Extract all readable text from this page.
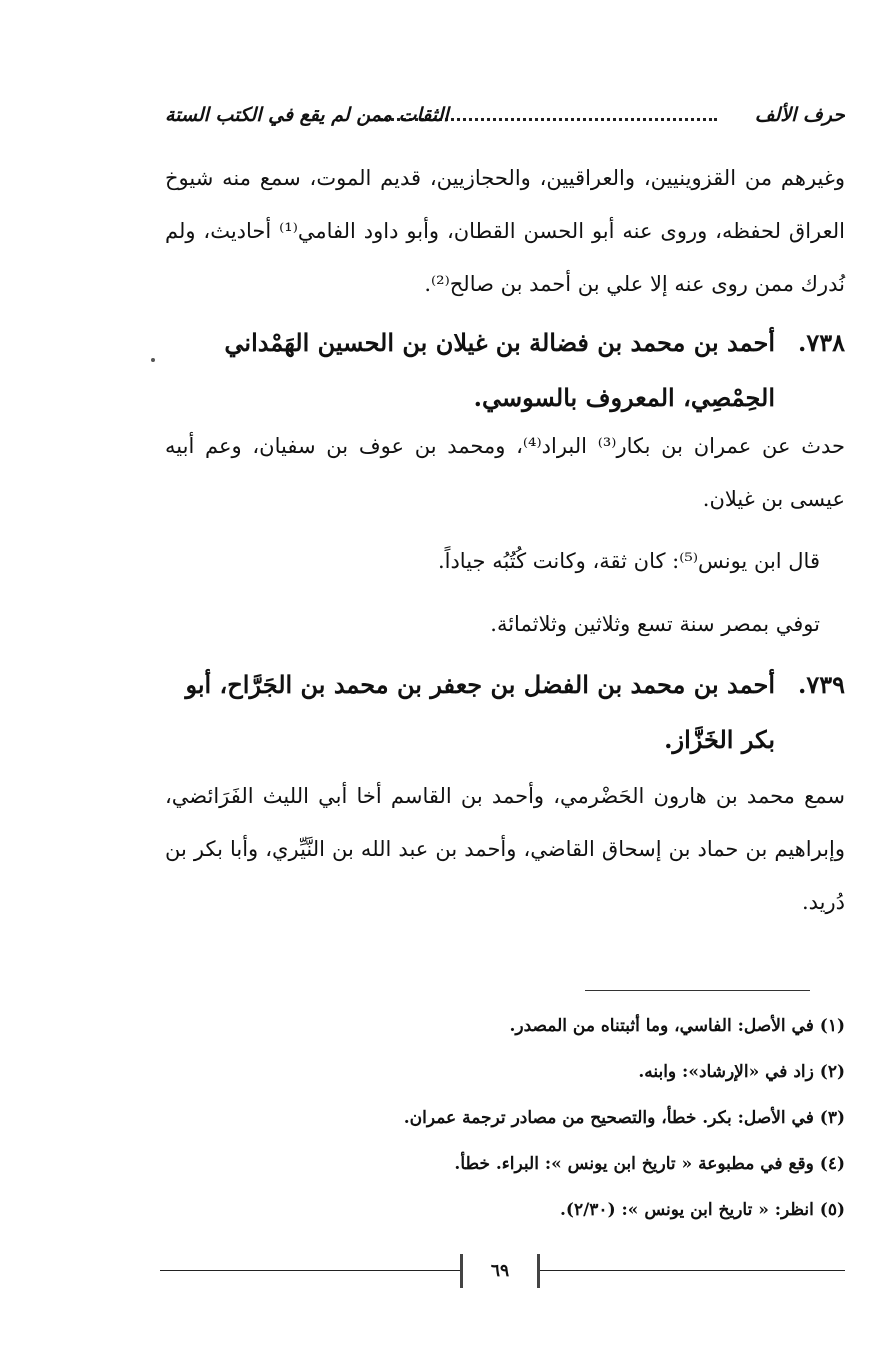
حرف الألف
الثقات ممن لم يقع في الكتب الستة
وغيرهم من القزوينيين، والعراقيين، والحجازيين، قديم الموت، سمع منه شيوخ العراق لحفظه، وروى عنه أبو الحسن القطان، وأبو داود الفامي⁽¹⁾ أحاديث، ولم نُدرك ممن روى عنه إلا علي بن أحمد بن صالح⁽²⁾.
٧٣٨.أحمد بن محمد بن فضالة بن غيلان بن الحسين الهَمْداني
الحِمْصِي، المعروف بالسوسي.
حدث عن عمران بن بكار⁽³⁾ البراد⁽⁴⁾، ومحمد بن عوف بن سفيان، وعم أبيه عيسى بن غيلان.
قال ابن يونس⁽⁵⁾: كان ثقة، وكانت كُتُبُه جياداً.
توفي بمصر سنة تسع وثلاثين وثلاثمائة.
٧٣٩.أحمد بن محمد بن الفضل بن جعفر بن محمد بن الجَرَّاح، أبو
بكر الخَزَّاز.
سمع محمد بن هارون الحَضْرمي، وأحمد بن القاسم أخا أبي الليث الفَرَائضي، وإبراهيم بن حماد بن إسحاق القاضي، وأحمد بن عبد الله بن النَّيِّري، وأبا بكر بن دُريد.
(١) في الأصل: الفاسي، وما أثبتناه من المصدر.
(٢) زاد في «الإرشاد»: وابنه.
(٣) في الأصل: بكر. خطأ، والتصحيح من مصادر ترجمة عمران.
(٤) وقع في مطبوعة « تاريخ ابن يونس »: البراء. خطأ.
(٥) انظر: « تاريخ ابن يونس »: (٢/٣٠).
٦٩
